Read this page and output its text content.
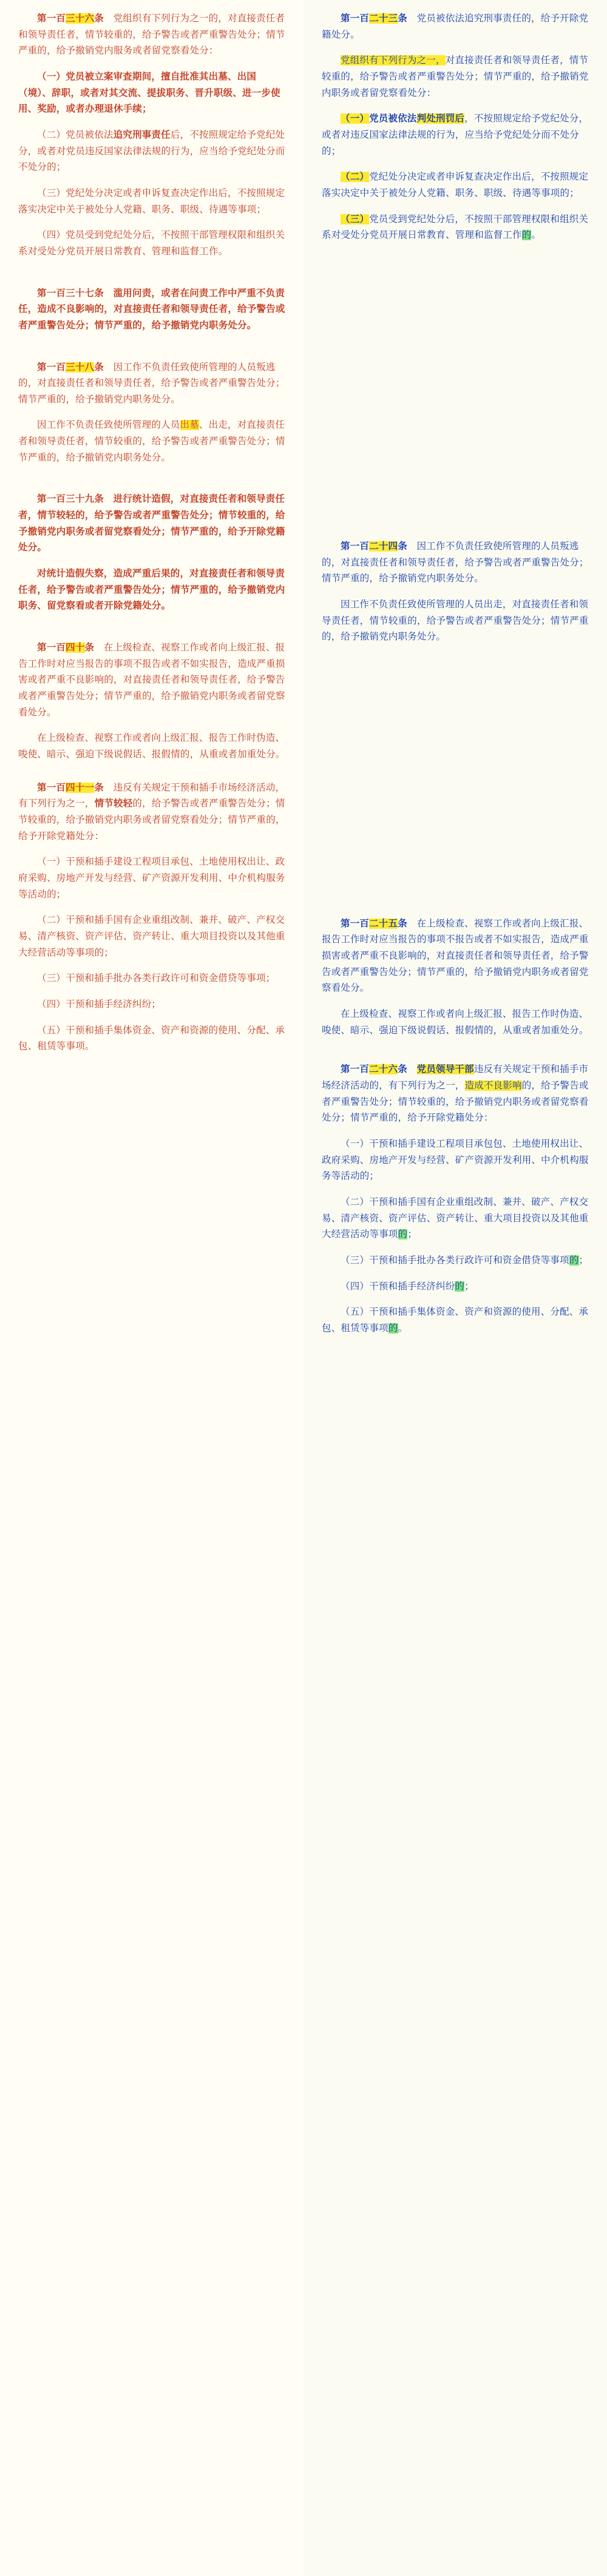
第一百三十六条　党组织有下列行为之一的，对直接责任者和领导责任者，情节较重的，给予警告或者严重警告处分；情节严重的，给予撤销党内服务或者留党察看处分：
（一）党员被立案审查期间，擅自批准其出墓、出国（境）、辞职，或者对其交流、提拔职务、晋升职级、进一步使用、奖励，或者办理退休手续；
（二）党员被依法追究刑事责任后，不按照规定给予党纪处分，或者对党员违反国家法律法规的行为，应当给予党纪处分而不处分的；
（三）党纪处分决定或者申诉复查决定作出后，不按照规定落实决定中关于被处分人党籍、职务、职级、待遇等事项；
（四）党员受到党纪处分后，不按照干部管理权限和组织关系对受处分党员开展日常教育、管理和监督工作。
第一百三十七条　滥用问责，或者在问责工作中严重不负责任，造成不良影响的，对直接责任者和领导责任者，给予警告或者严重警告处分；情节严重的，给予撤销党内职务处分。
第一百三十八条　因工作不负责任致使所管理的人员叛逃的，对直接责任者和领导责任者，给予警告或者严重警告处分；情节严重的，给予撤销党内职务处分。
因工作不负责任致使所管理的人员出墓、出走，对直接责任者和领导责任者，情节较重的，给予警告或者严重警告处分；情节严重的，给予撤销党内职务处分。
第一百三十九条　进行统计造假，对直接责任者和领导责任者，情节较轻的，给予警告或者严重警告处分；情节较重的，给予撤销党内职务或者留党察看处分；情节严重的，给予开除党籍处分。
对统计造假失察，造成严重后果的，对直接责任者和领导责任者，给予警告或者严重警告处分；情节严重的，给予撤销党内职务、留党察看或者开除党籍处分。
第一百四十条　在上级检查、视察工作或者向上级汇报、报告工作时对应当报告的事项不报告或者不如实报告，造成严重损害或者严重不良影响的，对直接责任者和领导责任者，给予警告或者严重警告处分；情节严重的，给予撤销党内职务或者留党察看处分。
在上级检查、视察工作或者向上级汇报、报告工作时伪造、唆使、暗示、强迫下级说假话、报假情的，从重或者加重处分。
第一百四十一条　违反有关规定干预和插手市场经济活动，有下列行为之一，情节较轻的，给予警告或者严重警告处分；情节较重的，给予撤销党内职务或者留党察看处分；情节严重的，给予开除党籍处分：
（一）干预和插手建设工程项目承包、土地使用权出让、政府采购、房地产开发与经营、矿产资源开发利用、中介机构服务等活动的；
（二）干预和插手国有企业重组改制、兼并、破产、产权交易、清产核资、资产评估、资产转让、重大项目投资以及其他重大经营活动等事项的；
（三）干预和插手批办各类行政许可和资金借贷等事项；
（四）干预和插手经济纠纷；
（五）干预和插手集体资金、资产和资源的使用、分配、承包、租赁等事项。
第一百二十三条　党员被依法追究刑事责任的，给予开除党籍处分。
党组织有下列行为之一，对直接责任者和领导责任者，情节较重的，给予警告或者严重警告处分；情节严重的，给予撤销党内职务或者留党察看处分：
（一）党员被依法判处刑罚后，不按照规定给予党纪处分，或者对违反国家法律法规的行为，应当给予党纪处分而不处分的；
（二）党纪处分决定或者申诉复查决定作出后，不按照规定落实决定中关于被处分人党籍、职务、职级、待遇等事项的；
（三）党员受到党纪处分后，不按照干部管理权限和组织关系对受处分党员开展日常教育、管理和监督工作的。
第一百二十四条　因工作不负责任致使所管理的人员叛逃的，对直接责任者和领导责任者，给予警告或者严重警告处分；情节严重的，给予撤销党内职务处分。
因工作不负责任致使所管理的人员出走，对直接责任者和领导责任者，情节较重的，给予警告或者严重警告处分；情节严重的，给予撤销党内职务处分。
第一百二十五条　在上级检查、视察工作或者向上级汇报、报告工作时对应当报告的事项不报告或者不如实报告，造成严重损害或者严重不良影响的，对直接责任者和领导责任者，给予警告或者严重警告处分；情节严重的，给予撤销党内职务或者留党察看处分。
在上级检查、视察工作或者向上级汇报、报告工作时伪造、唆使、暗示、强迫下级说假话、报假情的，从重或者加重处分。
第一百二十六条　 党员领导干部违反有关规定干预和插手市场经济活动的，有下列行为之一，造成不良影响的，给予警告或者严重警告处分；情节较重的，给予撤销党内职务或者留党察看处分；情节严重的，给予开除党籍处分：
（一）干预和插手建设工程项目承包包、土地使用权出让、政府采购、房地产开发与经营、矿产资源开发利用、中介机构服务等活动的；
（二）干预和插手国有企业重组改制、兼并、破产、产权交易、清产核资、资产评估、资产转让、重大项目投资以及其他重大经营活动等事项的；
（三）干预和插手批办各类行政许可和资金借贷等事项的；
（四）干预和插手经济纠纷的；
（五）干预和插手集体资金、资产和资源的使用、分配、承包、租赁等事项的。
